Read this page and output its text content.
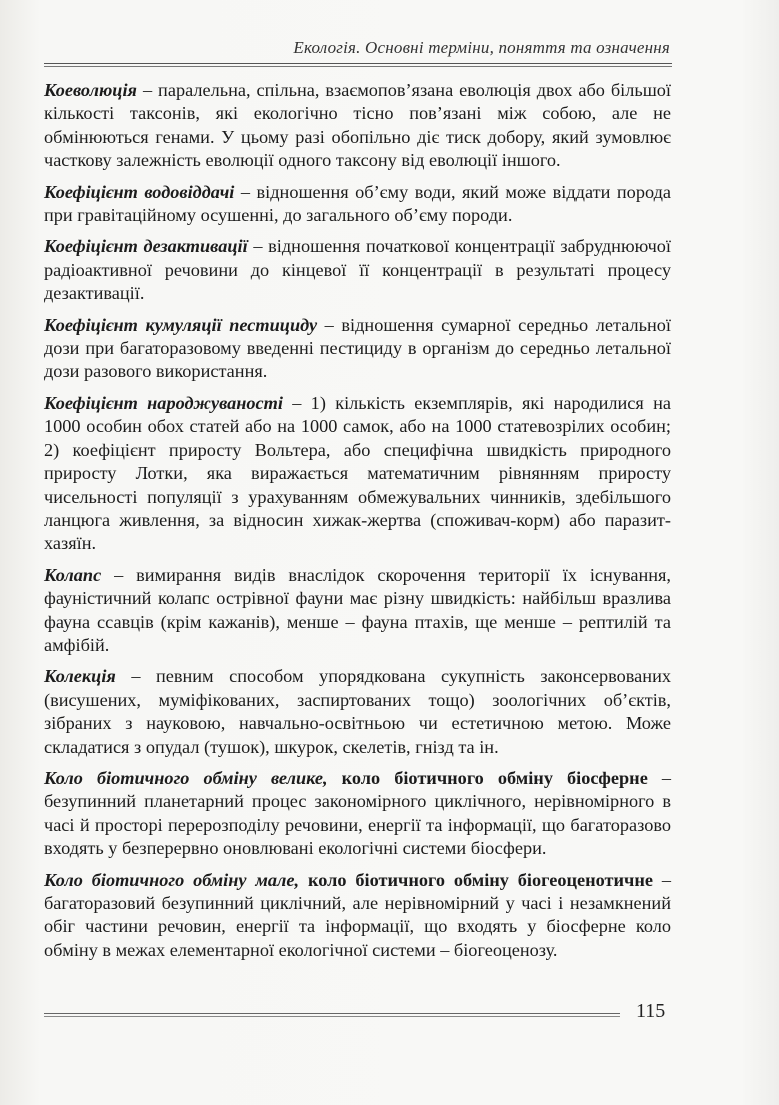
Екологія. Основні терміни, поняття та означення

Коеволюція – паралельна, спільна, взаємопов’язана еволюція двох або більшої кількості таксонів, які екологічно тісно пов’язані між собою, але не обмінюються генами. У цьому разі обопільно діє тиск добору, який зумовлює часткову залежність еволюції одного таксону від еволюції іншого.

Коефіцієнт водовіддачі – відношення об’єму води, який може віддати порода при гравітаційному осушенні, до загального об’єму породи.

Коефіцієнт дезактивації – відношення початкової концентрації забруднюючої радіоактивної речовини до кінцевої її концентрації в результаті процесу дезактивації.

Коефіцієнт кумуляції пестициду – відношення сумарної середньо летальної дози при багаторазовому введенні пестициду в організм до середньо летальної дози разового використання.

Коефіцієнт народжуваності – 1) кількість екземплярів, які народилися на 1000 особин обох статей або на 1000 самок, або на 1000 статевозрілих особин; 2) коефіцієнт приросту Вольтера, або специфічна швидкість природного приросту Лотки, яка виражається математичним рівнянням приросту чисельності популяції з урахуванням обмежувальних чинників, здебільшого ланцюга живлення, за відносин хижак-жертва (споживач-корм) або паразит-хазяїн.

Колапс – вимирання видів внаслідок скорочення території їх існування, фауністичний колапс острівної фауни має різну швидкість: найбільш вразлива фауна ссавців (крім кажанів), менше – фауна птахів, ще менше – рептилій та амфібій.

Колекція – певним способом упорядкована сукупність законсервованих (висушених, муміфікованих, заспиртованих тощо) зоологічних об’єктів, зібраних з науковою, навчально-освітньою чи естетичною метою. Може складатися з опудал (тушок), шкурок, скелетів, гнізд та ін.

Коло біотичного обміну велике, коло біотичного обміну біосферне – безупинний планетарний процес закономірного циклічного, нерівномірного в часі й просторі перерозподілу речовини, енергії та інформації, що багаторазово входять у безперервно оновлювані екологічні системи біосфери.

Коло біотичного обміну мале, коло біотичного обміну біогеоценотичне – багаторазовий безупинний циклічний, але нерівномірний у часі і незамкнений обіг частини речовин, енергії та інформації, що входять у біосферне коло обміну в межах елементарної екологічної системи – біогеоценозу.

115
